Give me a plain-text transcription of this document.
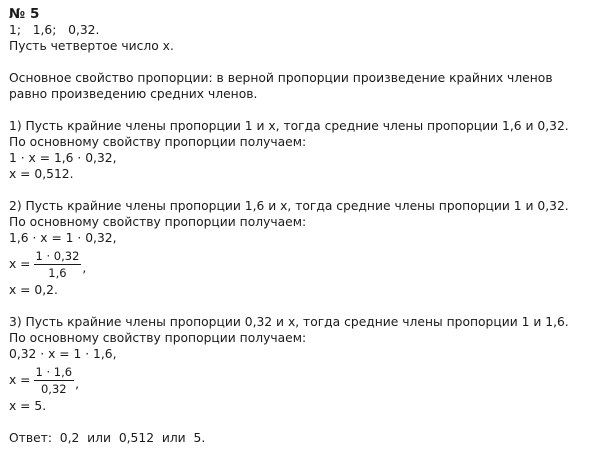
№ 5
1;   1,6;   0,32.
Пусть четвертое число x.
Основное свойство пропорции: в верной пропорции произведение крайних членов равно произведению средних членов.
1) Пусть крайние члены пропорции 1 и x, тогда средние члены пропорции 1,6 и 0,32.
По основному свойству пропорции получаем:
1 · x = 1,6 · 0,32,
x = 0,512.
2) Пусть крайние члены пропорции 1,6 и x, тогда средние члены пропорции 1 и 0,32.
По основному свойству пропорции получаем:
1,6 · x = 1 · 0,32,
$x = \frac{1 \cdot 0,32}{1,6}$ ,
x = 0,2.
3) Пусть крайние члены пропорции 0,32 и x, тогда средние члены пропорции 1 и 1,6.
По основному свойству пропорции получаем:
0,32 · x = 1 · 1,6,
$x = \frac{1 \cdot 1,6}{0,32}$ ,
x = 5.
Ответ:  0,2  или  0,512  или  5.
